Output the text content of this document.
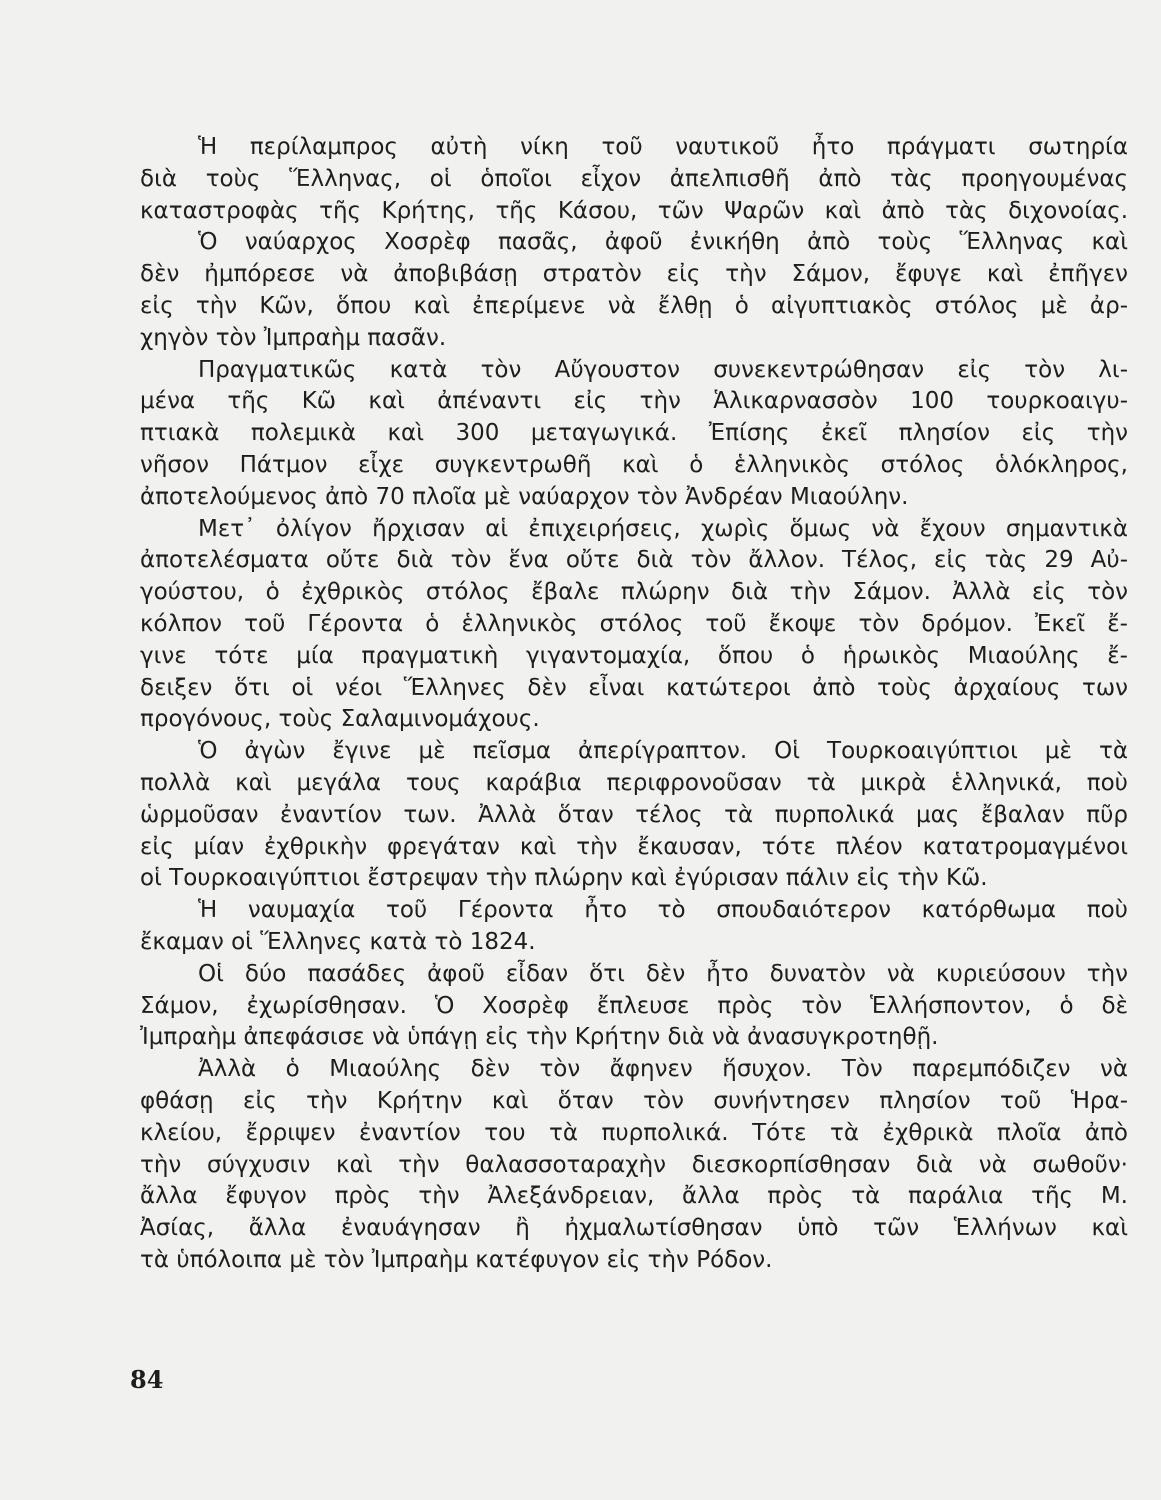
Ἡ περίλαμπρος αὐτὴ νίκη τοῦ ναυτικοῦ ἦτο πράγματι σωτηρία
διὰ τοὺς Ἕλληνας, οἱ ὁποῖοι εἶχον ἀπελπισθῆ ἀπὸ τὰς προηγουμένας
καταστροφὰς τῆς Κρήτης, τῆς Κάσου, τῶν Ψαρῶν καὶ ἀπὸ τὰς διχονοίας.
Ὁ ναύαρχος Χοσρὲφ πασᾶς, ἀφοῦ ἐνικήθη ἀπὸ τοὺς Ἕλληνας καὶ
δὲν ἠμπόρεσε νὰ ἀποβιβάσῃ στρατὸν εἰς τὴν Σάμον, ἔφυγε καὶ ἐπῆγεν
εἰς τὴν Κῶν, ὅπου καὶ ἐπερίμενε νὰ ἔλθῃ ὁ αἰγυπτιακὸς στόλος μὲ ἀρ-
χηγὸν τὸν Ἰμπραὴμ πασᾶν.
Πραγματικῶς κατὰ τὸν Αὔγουστον συνεκεντρώθησαν εἰς τὸν λι-
μένα τῆς Κῶ καὶ ἀπέναντι εἰς τὴν Ἁλικαρνασσὸν 100 τουρκοαιγυ-
πτιακὰ πολεμικὰ καὶ 300 μεταγωγικά. Ἐπίσης ἐκεῖ πλησίον εἰς τὴν
νῆσον Πάτμον εἶχε συγκεντρωθῆ καὶ ὁ ἑλληνικὸς στόλος ὁλόκληρος,
ἀποτελούμενος ἀπὸ 70 πλοῖα μὲ ναύαρχον τὸν Ἀνδρέαν Μιαούλην.
Μετ᾽ ὀλίγον ἤρχισαν αἱ ἐπιχειρήσεις, χωρὶς ὅμως νὰ ἔχουν σημαντικὰ
ἀποτελέσματα οὔτε διὰ τὸν ἕνα οὔτε διὰ τὸν ἄλλον. Τέλος, εἰς τὰς 29 Αὐ-
γούστου, ὁ ἐχθρικὸς στόλος ἔβαλε πλώρην διὰ τὴν Σάμον. Ἀλλὰ εἰς τὸν
κόλπον τοῦ Γέροντα ὁ ἑλληνικὸς στόλος τοῦ ἔκοψε τὸν δρόμον. Ἐκεῖ ἔ-
γινε τότε μία πραγματικὴ γιγαντομαχία, ὅπου ὁ ἡρωικὸς Μιαούλης ἔ-
δειξεν ὅτι οἱ νέοι Ἕλληνες δὲν εἶναι κατώτεροι ἀπὸ τοὺς ἀρχαίους των
προγόνους, τοὺς Σαλαμινομάχους.
Ὁ ἀγὼν ἔγινε μὲ πεῖσμα ἀπερίγραπτον. Οἱ Τουρκοαιγύπτιοι μὲ τὰ
πολλὰ καὶ μεγάλα τους καράβια περιφρονοῦσαν τὰ μικρὰ ἑλληνικά, ποὺ
ὡρμοῦσαν ἐναντίον των. Ἀλλὰ ὅταν τέλος τὰ πυρπολικά μας ἔβαλαν πῦρ
εἰς μίαν ἐχθρικὴν φρεγάταν καὶ τὴν ἔκαυσαν, τότε πλέον κατατρομαγμένοι
οἱ Τουρκοαιγύπτιοι ἔστρεψαν τὴν πλώρην καὶ ἐγύρισαν πάλιν εἰς τὴν Κῶ.
Ἡ ναυμαχία τοῦ Γέροντα ἦτο τὸ σπουδαιότερον κατόρθωμα ποὺ
ἔκαμαν οἱ Ἕλληνες κατὰ τὸ 1824.
Οἱ δύο πασάδες ἀφοῦ εἶδαν ὅτι δὲν ἦτο δυνατὸν νὰ κυριεύσουν τὴν
Σάμον, ἐχωρίσθησαν. Ὁ Χοσρὲφ ἔπλευσε πρὸς τὸν Ἑλλήσποντον, ὁ δὲ
Ἰμπραὴμ ἀπεφάσισε νὰ ὑπάγῃ εἰς τὴν Κρήτην διὰ νὰ ἀνασυγκροτηθῇ.
Ἀλλὰ ὁ Μιαούλης δὲν τὸν ἄφηνεν ἥσυχον. Τὸν παρεμπόδιζεν νὰ
φθάσῃ εἰς τὴν Κρήτην καὶ ὅταν τὸν συνήντησεν πλησίον τοῦ Ἡρα-
κλείου, ἔρριψεν ἐναντίον του τὰ πυρπολικά. Τότε τὰ ἐχθρικὰ πλοῖα ἀπὸ
τὴν σύγχυσιν καὶ τὴν θαλασσοταραχὴν διεσκορπίσθησαν διὰ νὰ σωθοῦν·
ἄλλα ἔφυγον πρὸς τὴν Ἀλεξάνδρειαν, ἄλλα πρὸς τὰ παράλια τῆς Μ.
Ἀσίας, ἄλλα ἐναυάγησαν ἢ ἠχμαλωτίσθησαν ὑπὸ τῶν Ἑλλήνων καὶ
τὰ ὑπόλοιπα μὲ τὸν Ἰμπραὴμ κατέφυγον εἰς τὴν Ρόδον.
84
